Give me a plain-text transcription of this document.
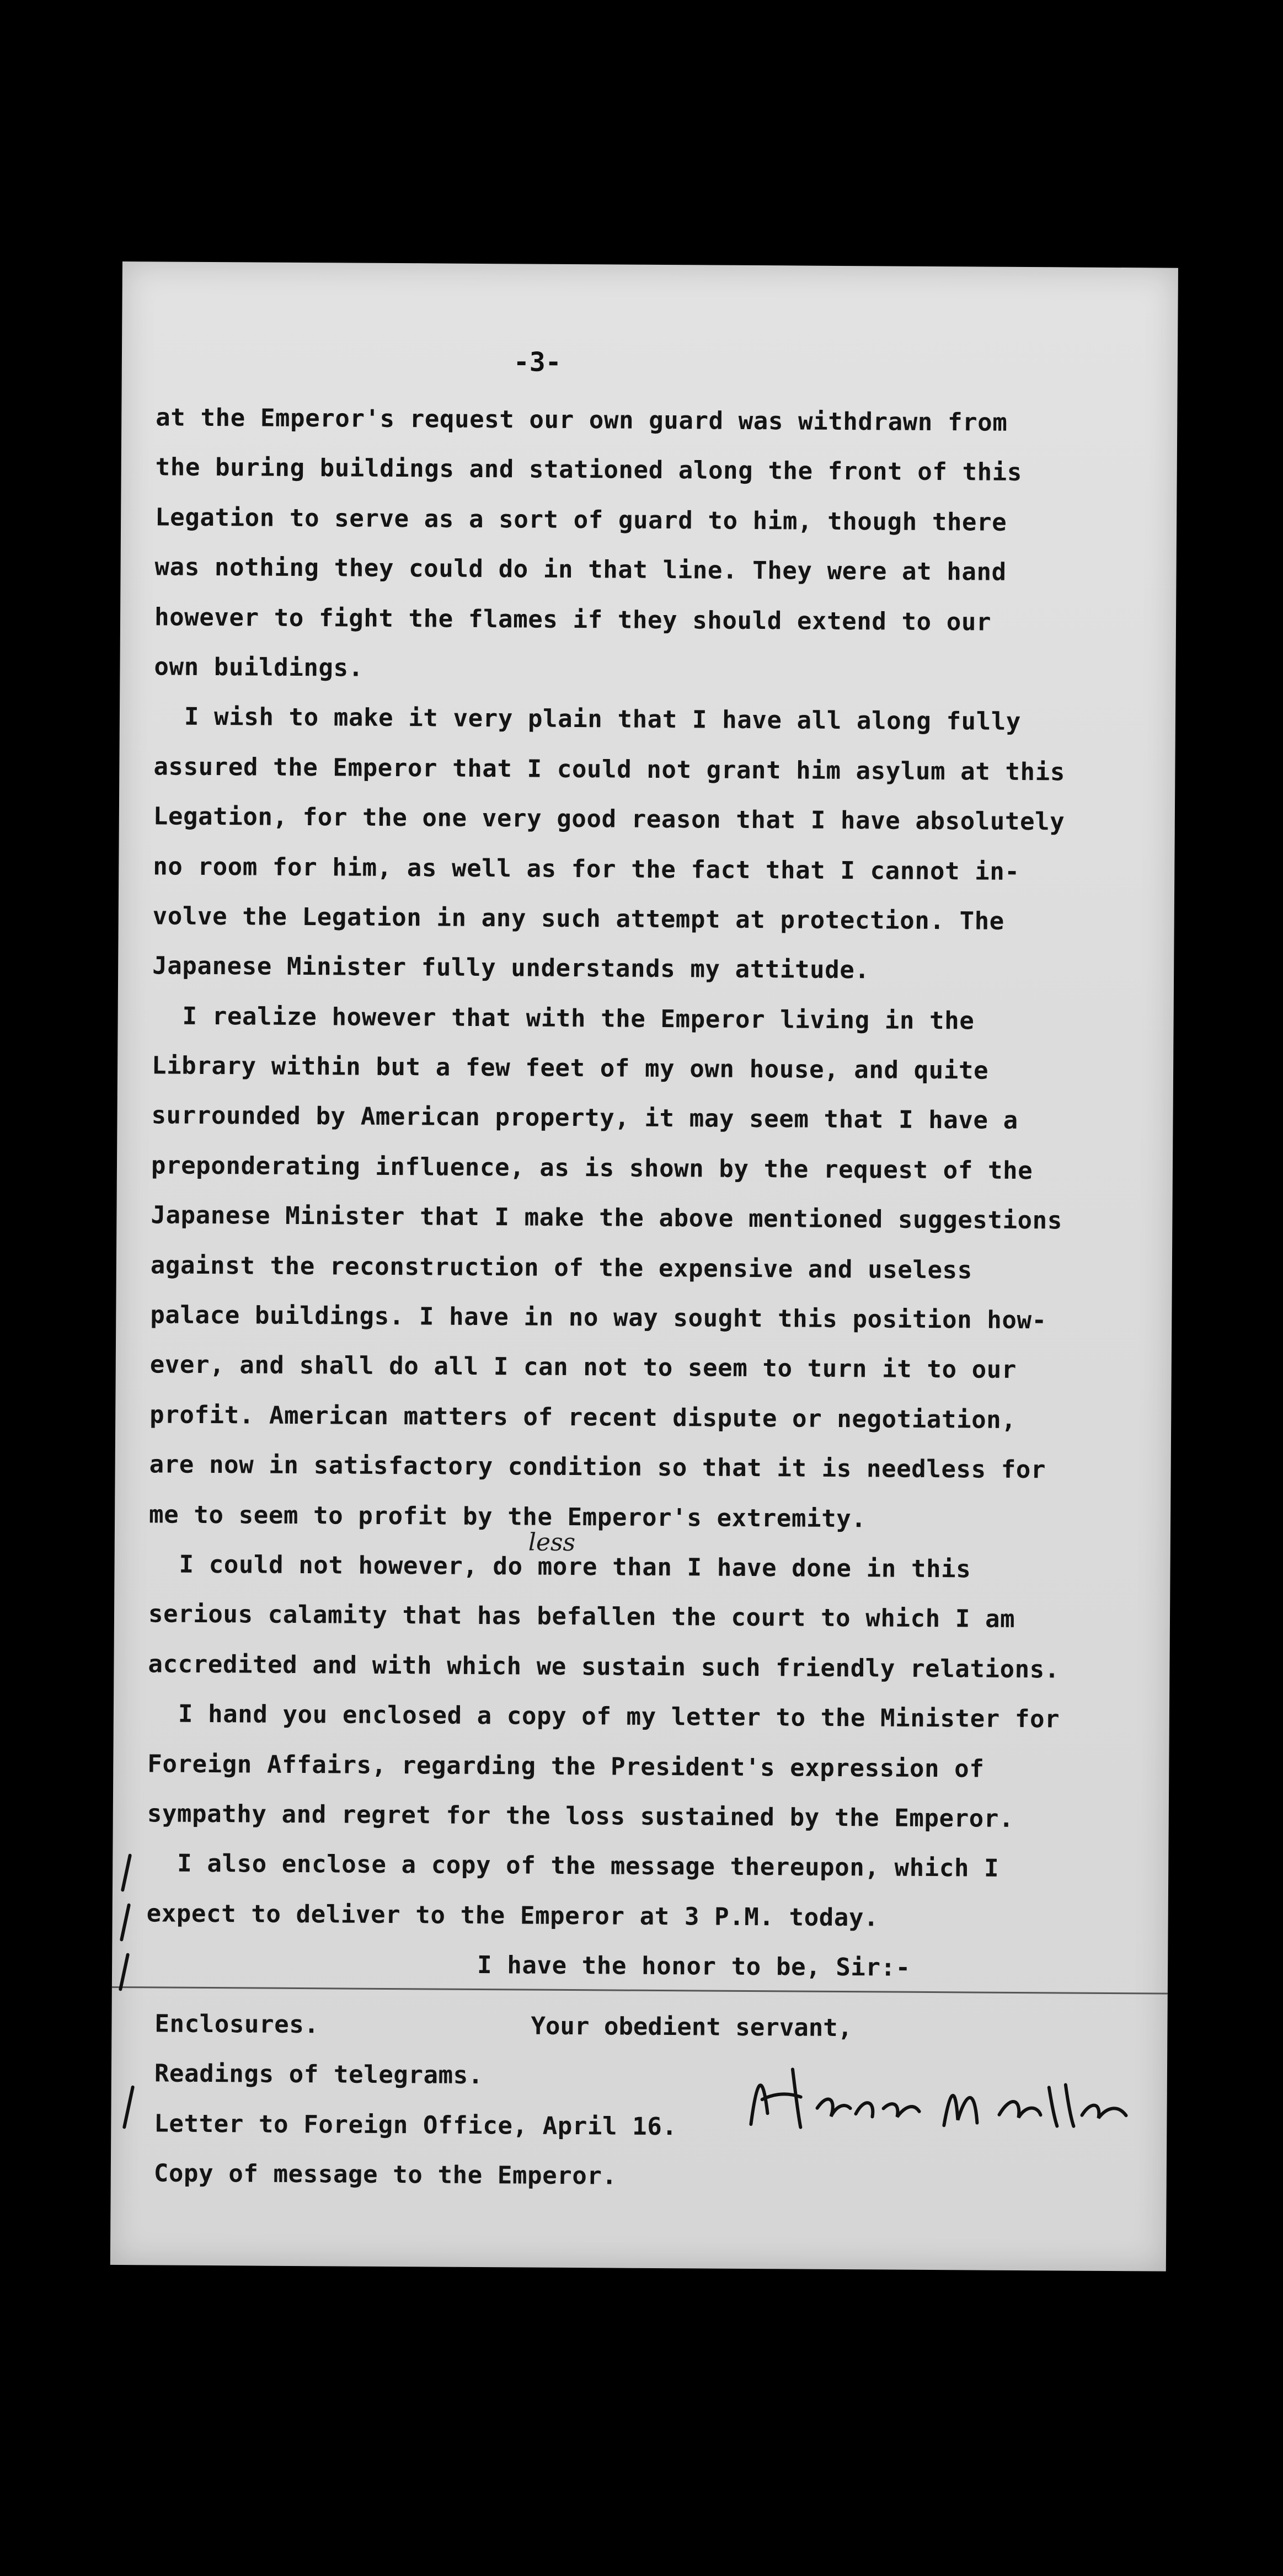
-3-
at the Emperor's request our own guard was withdrawn from
the buring buildings and stationed along the front of this
Legation to serve as a sort of guard to him, though there
was nothing they could do in that line. They were at hand
however to fight the flames if they should extend to our
own buildings.
I wish to make it very plain that I have all along fully
assured the Emperor that I could not grant him asylum at this
Legation, for the one very good reason that I have absolutely
no room for him, as well as for the fact that I cannot in-
volve the Legation in any such attempt at protection. The
Japanese Minister fully understands my attitude.
I realize however that with the Emperor living in the
Library within but a few feet of my own house, and quite
surrounded by American property, it may seem that I have a
preponderating influence, as is shown by the request of the
Japanese Minister that I make the above mentioned suggestions
against the reconstruction of the expensive and useless
palace buildings. I have in no way sought this position how-
ever, and shall do all I can not to seem to turn it to our
profit. American matters of recent dispute or negotiation,
are now in satisfactory condition so that it is needless for
me to seem to profit by the Emperor's extremity.
I could not however, do more than I have done in this
serious calamity that has befallen the court to which I am
accredited and with which we sustain such friendly relations.
I hand you enclosed a copy of my letter to the Minister for
Foreign Affairs, regarding the President's expression of
sympathy and regret for the loss sustained by the Emperor.
I also enclose a copy of the message thereupon, which I
expect to deliver to the Emperor at 3 P.M. today.
I have the honor to be, Sir:-
less
Your obedient servant,
Enclosures.
Readings of telegrams.
Letter to Foreign Office, April 16.
Copy of message to the Emperor.
